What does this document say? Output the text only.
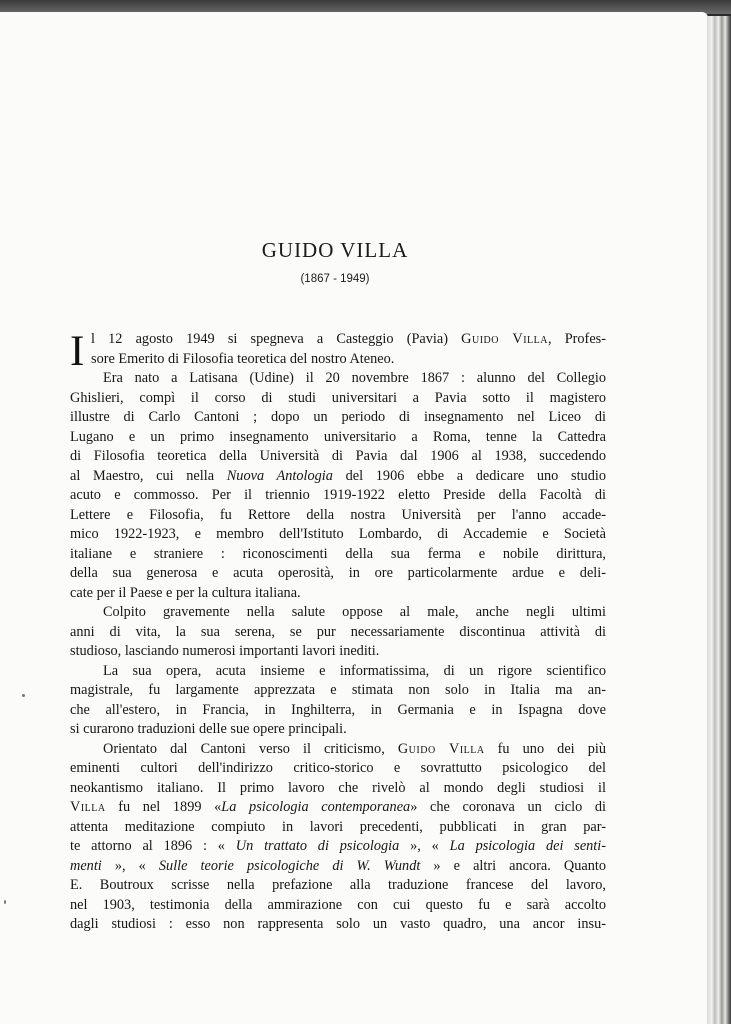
GUIDO VILLA
(1867 - 1949)
I l 12 agosto 1949 si spegneva a Casteggio (Pavia) Guido Villa, Profes-
sore Emerito di Filosofia teoretica del nostro Ateneo.
Era nato a Latisana (Udine) il 20 novembre 1867 : alunno del Collegio
Ghislieri, compì il corso di studi universitari a Pavia sotto il magistero
illustre di Carlo Cantoni ; dopo un periodo di insegnamento nel Liceo di
Lugano e un primo insegnamento universitario a Roma, tenne la Cattedra
di Filosofia teoretica della Università di Pavia dal 1906 al 1938, succedendo
al Maestro, cui nella Nuova Antologia del 1906 ebbe a dedicare uno studio
acuto e commosso. Per il triennio 1919-1922 eletto Preside della Facoltà di
Lettere e Filosofia, fu Rettore della nostra Università per l'anno accade-
mico 1922-1923, e membro dell'Istituto Lombardo, di Accademie e Società
italiane e straniere : riconoscimenti della sua ferma e nobile dirittura,
della sua generosa e acuta operosità, in ore particolarmente ardue e deli-
cate per il Paese e per la cultura italiana.
Colpito gravemente nella salute oppose al male, anche negli ultimi
anni di vita, la sua serena, se pur necessariamente discontinua attività di
studioso, lasciando numerosi importanti lavori inediti.
La sua opera, acuta insieme e informatissima, di un rigore scientifico
magistrale, fu largamente apprezzata e stimata non solo in Italia ma an-
che all'estero, in Francia, in Inghilterra, in Germania e in Ispagna dove
si curarono traduzioni delle sue opere principali.
Orientato dal Cantoni verso il criticismo, Guido Villa fu uno dei più
eminenti cultori dell'indirizzo critico-storico e sovrattutto psicologico del
neokantismo italiano. Il primo lavoro che rivelò al mondo degli studiosi il
Villa fu nel 1899 «La psicologia contemporanea» che coronava un ciclo di
attenta meditazione compiuto in lavori precedenti, pubblicati in gran par-
te attorno al 1896 : « Un trattato di psicologia », « La psicologia dei senti-
menti », « Sulle teorie psicologiche di W. Wundt » e altri ancora. Quanto
E. Boutroux scrisse nella prefazione alla traduzione francese del lavoro,
nel 1903, testimonia della ammirazione con cui questo fu e sarà accolto
dagli studiosi : esso non rappresenta solo un vasto quadro, una ancor insu-
